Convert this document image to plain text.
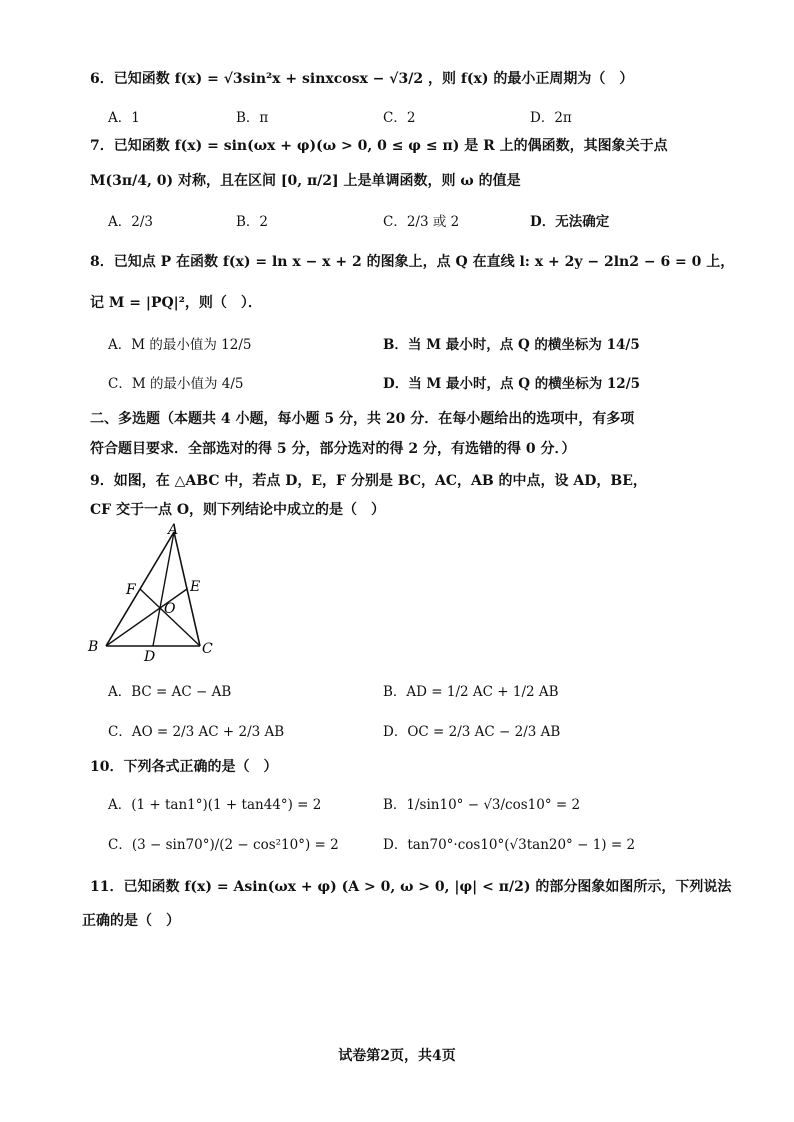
6．已知函数 f(x) = √3sin²x + sinxcosx − √3/2 ，则 f(x) 的最小正周期为（　）
A．1	B．π	C．2	D．2π
7．已知函数 f(x) = sin(ωx + φ)(ω > 0, 0 ≤ φ ≤ π) 是 R 上的偶函数，其图象关于点
M(3π/4, 0) 对称，且在区间 [0, π/2] 上是单调函数，则 ω 的值是
A．2/3	B．2	C．2/3 或 2	D．无法确定
8．已知点 P 在函数 f(x) = ln x − x + 2 的图象上，点 Q 在直线 l: x + 2y − 2ln2 − 6 = 0 上，
记 M = |PQ|²，则（　）．
A．M 的最小值为 12/5	B．当 M 最小时，点 Q 的横坐标为 14/5
C．M 的最小值为 4/5	D．当 M 最小时，点 Q 的横坐标为 12/5
二、多选题（本题共 4 小题，每小题 5 分，共 20 分．在每小题给出的选项中，有多项
符合题目要求．全部选对的得 5 分，部分选对的得 2 分，有选错的得 0 分．）
9．如图，在 △ABC 中，若点 D，E，F 分别是 BC，AC，AB 的中点，设 AD，BE，
CF 交于一点 O，则下列结论中成立的是（　）
A
B	C
D
E
F
O
A．BC = AC − AB	B．AD = 1/2 AC + 1/2 AB
C．AO = 2/3 AC + 2/3 AB	D．OC = 2/3 AC − 2/3 AB
10．下列各式正确的是（　）
A．(1 + tan1°)(1 + tan44°) = 2	B．1/sin10° − √3/cos10° = 2
C．(3 − sin70°)/(2 − cos²10°) = 2	D．tan70°·cos10°(√3tan20° − 1) = 2
11．已知函数 f(x) = Asin(ωx + φ) (A > 0, ω > 0, |φ| < π/2) 的部分图象如图所示，下列说法
正确的是（　）
试卷第2页，共4页
